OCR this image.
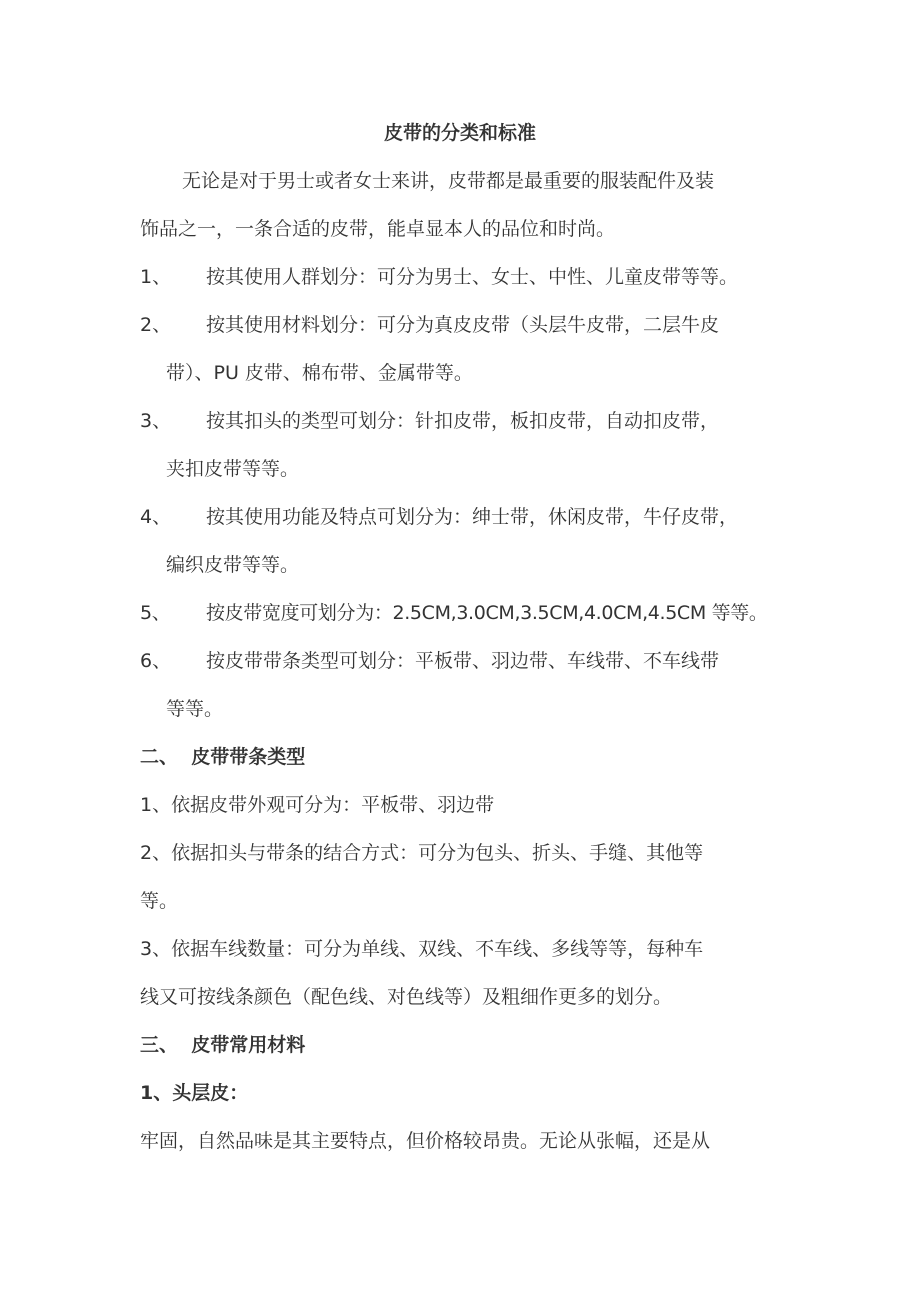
皮带的分类和标准
无论是对于男士或者女士来讲，皮带都是最重要的服装配件及装
饰品之一，一条合适的皮带，能卓显本人的品位和时尚。
1、 按其使用人群划分：可分为男士、女士、中性、儿童皮带等等。
2、 按其使用材料划分：可分为真皮皮带（头层牛皮带，二层牛皮
带）、PU 皮带、棉布带、金属带等。
3、 按其扣头的类型可划分：针扣皮带，板扣皮带，自动扣皮带，
夹扣皮带等等。
4、 按其使用功能及特点可划分为：绅士带，休闲皮带，牛仔皮带，
编织皮带等等。
5、 按皮带宽度可划分为：2.5CM,3.0CM,3.5CM,4.0CM,4.5CM 等等。
6、 按皮带带条类型可划分：平板带、羽边带、车线带、不车线带
等等。
二、  皮带带条类型
1、依据皮带外观可分为：平板带、羽边带
2、依据扣头与带条的结合方式：可分为包头、折头、手缝、其他等
等。
3、依据车线数量：可分为单线、双线、不车线、多线等等，每种车
线又可按线条颜色（配色线、对色线等）及粗细作更多的划分。
三、  皮带常用材料
1、头层皮：
牢固，自然品味是其主要特点，但价格较昂贵。无论从张幅，还是从
